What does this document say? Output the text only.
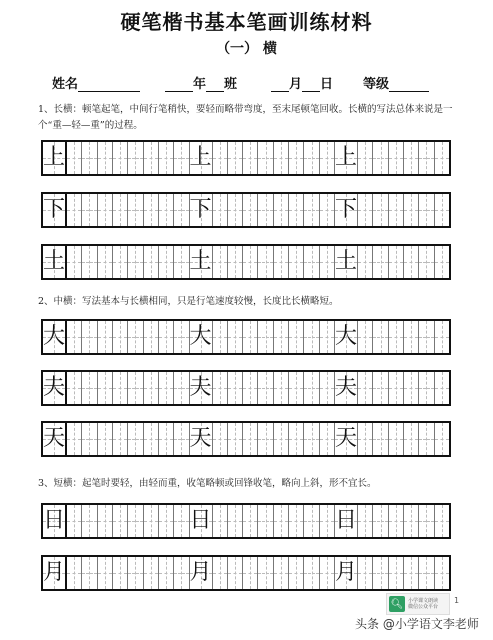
硬笔楷书基本笔画训练材料
（一） 横
姓名	年 班	月 日 等级
1、长横：顿笔起笔，中间行笔稍快，要轻而略带弯度，至末尾顿笔回收。长横的写法总体来说是一个“重—轻—重”的过程。
上	上	上
下	下	下
土	土	土
2、中横：写法基本与长横相同，只是行笔速度较慢，长度比长横略短。
大	大	大
夫	夫	夫
天	天	天
3、短横：起笔时要轻，由轻而重，收笔略顿或回锋收笔，略向上斜，形不宜长。
日	日	日
月	月	月
🔍︎ 小学课文朗读
微信公众平台
1
头条 @小学语文李老师
